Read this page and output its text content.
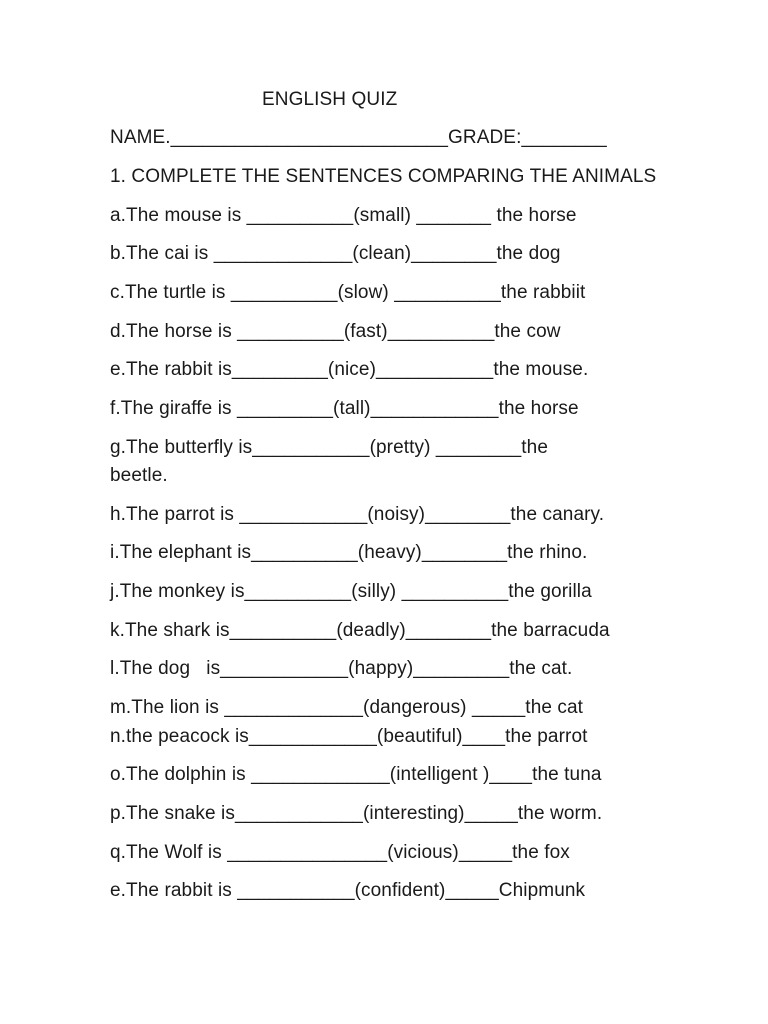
ENGLISH QUIZ
NAME.__________________________GRADE:________
1. COMPLETE THE SENTENCES COMPARING THE ANIMALS
a.The mouse is __________(small) _______ the horse
b.The cai is _____________(clean)________the dog
c.The turtle is __________(slow) __________the rabbiit
d.The horse is __________(fast)__________the cow
e.The rabbit is_________(nice)___________the mouse.
f.The giraffe is _________(tall)____________the horse
g.The butterfly is___________(pretty) ________the
beetle.
h.The parrot is ____________(noisy)________the canary.
i.The elephant is__________(heavy)________the rhino.
j.The monkey is__________(silly) __________the gorilla
k.The shark is__________(deadly)________the barracuda
l.The dog   is____________(happy)_________the cat.
m.The lion is _____________(dangerous) _____the cat
n.the peacock is____________(beautiful)____the parrot
o.The dolphin is _____________(intelligent )____the tuna
p.The snake is____________(interesting)_____the worm.
q.The Wolf is _______________(vicious)_____the fox
e.The rabbit is ___________(confident)_____Chipmunk
